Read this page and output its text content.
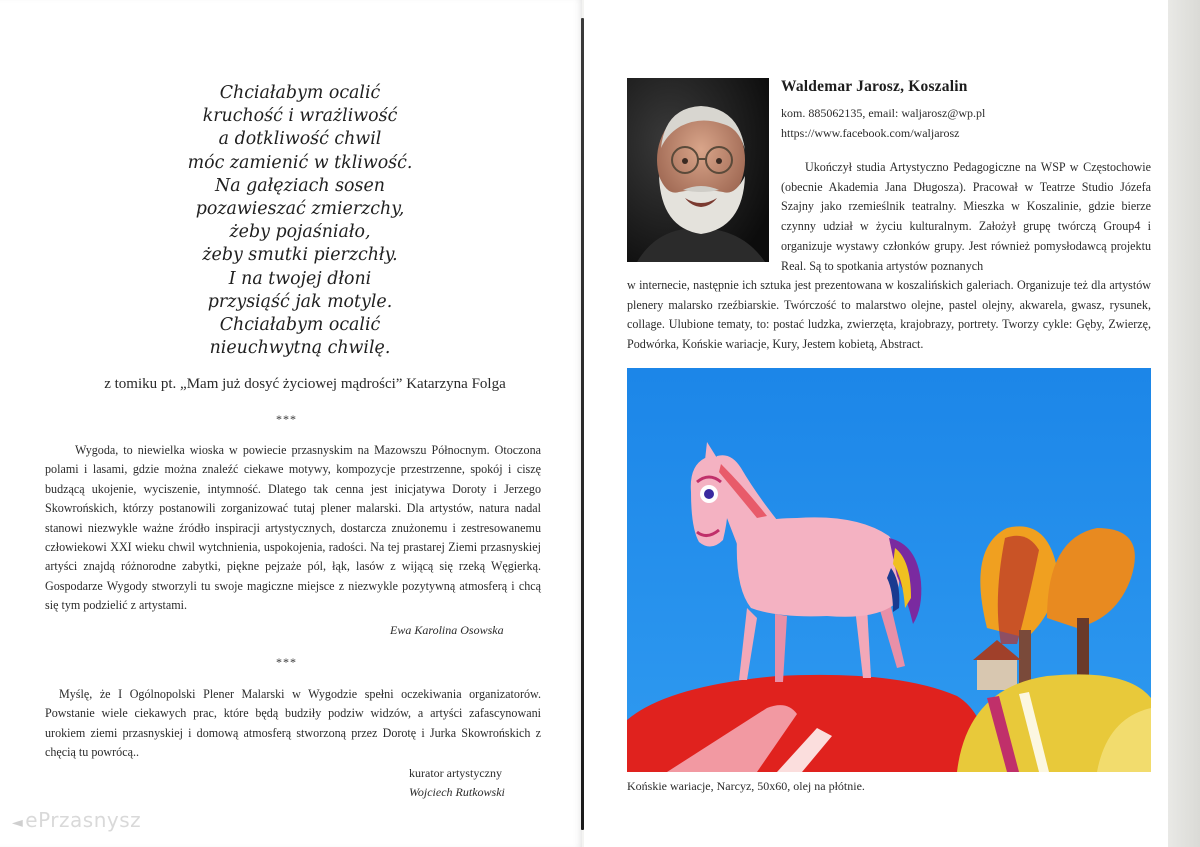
Chciałabym ocalić
kruchość i wrażliwość
a dotkliwość chwil
móc zamienić w tkliwość.
Na gałęziach sosen
pozawieszać zmierzchy,
żeby pojaśniało,
żeby smutki pierzchły.
I na twojej dłoni
przysiąść jak motyle.
Chciałabym ocalić
nieuchwytną chwilę.
z tomiku pt. „Mam już dosyć życiowej mądrości” Katarzyna Folga
***
Wygoda, to niewielka wioska w powiecie przasnyskim na Mazowszu Północnym. Otoczona polami i lasami, gdzie można znaleźć ciekawe motywy, kompozycje przestrzenne, spokój i ciszę budzącą ukojenie, wyciszenie, intymność. Dlatego tak cenna jest inicjatywa Doroty i Jerzego Skowrońskich, którzy postanowili zorganizować tutaj plener malarski. Dla artystów, natura nadal stanowi niezwykle ważne źródło inspiracji artystycznych, dostarcza znużonemu i zestresowanemu człowiekowi XXI wieku chwil wytchnienia, uspokojenia, radości. Na tej prastarej Ziemi przasnyskiej artyści znajdą różnorodne zabytki, piękne pejzaże pól, łąk, lasów z wijącą się rzeką Węgierką. Gospodarze Wygody stworzyli tu swoje magiczne miejsce z niezwykle pozytywną atmosferą i chcą się tym podzielić z artystami.
Ewa Karolina Osowska
***
Myślę, że I Ogólnopolski Plener Malarski w Wygodzie spełni oczekiwania organizatorów. Powstanie wiele ciekawych prac, które będą budziły podziw widzów, a artyści zafascynowani urokiem ziemi przasnyskiej i domową atmosferą stworzoną przez Dorotę i Jurka Skowrońskich z chęcią tu powrócą..
kurator artystyczny
Wojciech Rutkowski
◄ ePrzasnysz
Waldemar Jarosz, Koszalin
kom. 885062135, email: waljarosz@wp.pl
https://www.facebook.com/waljarosz
Ukończył studia Artystyczno Pedagogiczne na WSP w Częstochowie (obecnie Akademia Jana Długosza). Pracował w Teatrze Studio Józefa Szajny jako rzemieślnik teatralny. Mieszka w Koszalinie, gdzie bierze czynny udział w życiu kulturalnym. Założył grupę twórczą Group4 i organizuje wystawy członków grupy. Jest również pomysłodawcą projektu Real. Są to spotkania artystów poznanych
w internecie, następnie ich sztuka jest prezentowana w koszalińskich galeriach. Organizuje też dla artystów plenery malarsko rzeźbiarskie. Twórczość to malarstwo olejne, pastel olejny, akwarela, gwasz, rysunek, collage. Ulubione tematy, to: postać ludzka, zwierzęta, krajobrazy, portrety. Tworzy cykle: Gęby, Zwierzę, Podwórka, Końskie wariacje, Kury, Jestem kobietą, Abstract.
Końskie wariacje, Narcyz, 50x60, olej na płótnie.
